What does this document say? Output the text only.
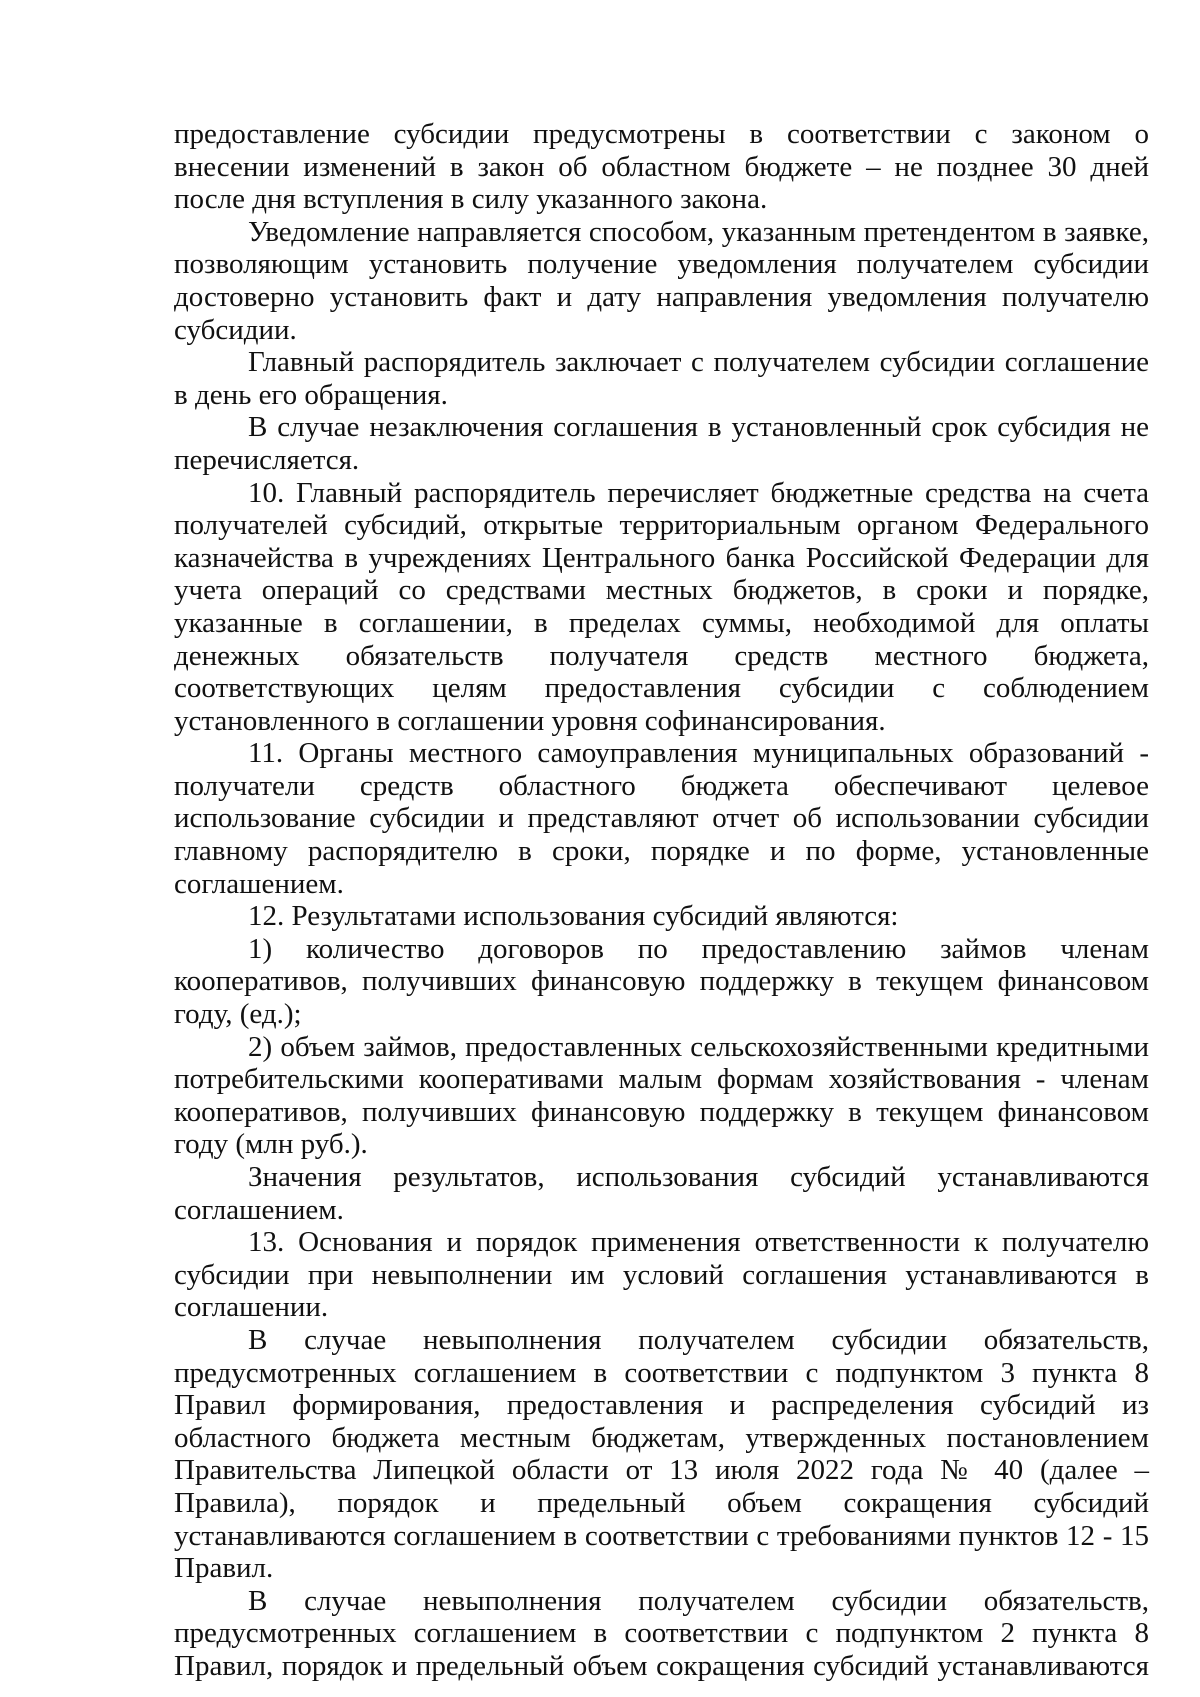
предоставление субсидии предусмотрены в соответствии с законом о внесении изменений в закон об областном бюджете – не позднее 30 дней после дня вступления в силу указанного закона.

Уведомление направляется способом, указанным претендентом в заявке, позволяющим установить получение уведомления получателем субсидии достоверно установить факт и дату направления уведомления получателю субсидии.

Главный распорядитель заключает с получателем субсидии соглашение в день его обращения.

В случае незаключения соглашения в установленный срок субсидия не перечисляется.

10. Главный распорядитель перечисляет бюджетные средства на счета получателей субсидий, открытые территориальным органом Федерального казначейства в учреждениях Центрального банка Российской Федерации для учета операций со средствами местных бюджетов, в сроки и порядке, указанные в соглашении, в пределах суммы, необходимой для оплаты денежных обязательств получателя средств местного бюджета, соответствующих целям предоставления субсидии с соблюдением установленного в соглашении уровня софинансирования.

11. Органы местного самоуправления муниципальных образований - получатели средств областного бюджета обеспечивают целевое использование субсидии и представляют отчет об использовании субсидии главному распорядителю в сроки, порядке и по форме, установленные соглашением.

12. Результатами использования субсидий являются:

1) количество договоров по предоставлению займов членам кооперативов, получивших финансовую поддержку в текущем финансовом году, (ед.);

2) объем займов, предоставленных сельскохозяйственными кредитными потребительскими кооперативами малым формам хозяйствования - членам кооперативов, получивших финансовую поддержку в текущем финансовом году (млн руб.).

Значения результатов, использования субсидий устанавливаются соглашением.

13. Основания и порядок применения ответственности к получателю субсидии при невыполнении им условий соглашения устанавливаются в соглашении.

В случае невыполнения получателем субсидии обязательств, предусмотренных соглашением в соответствии с подпунктом 3 пункта 8 Правил формирования, предоставления и распределения субсидий из областного бюджета местным бюджетам, утвержденных постановлением Правительства Липецкой области от 13 июля 2022 года № 40 (далее – Правила), порядок и предельный объем сокращения субсидий устанавливаются соглашением в соответствии с требованиями пунктов 12 - 15 Правил.

В случае невыполнения получателем субсидии обязательств, предусмотренных соглашением в соответствии с подпунктом 2 пункта 8 Правил, порядок и предельный объем сокращения субсидий устанавливаются
